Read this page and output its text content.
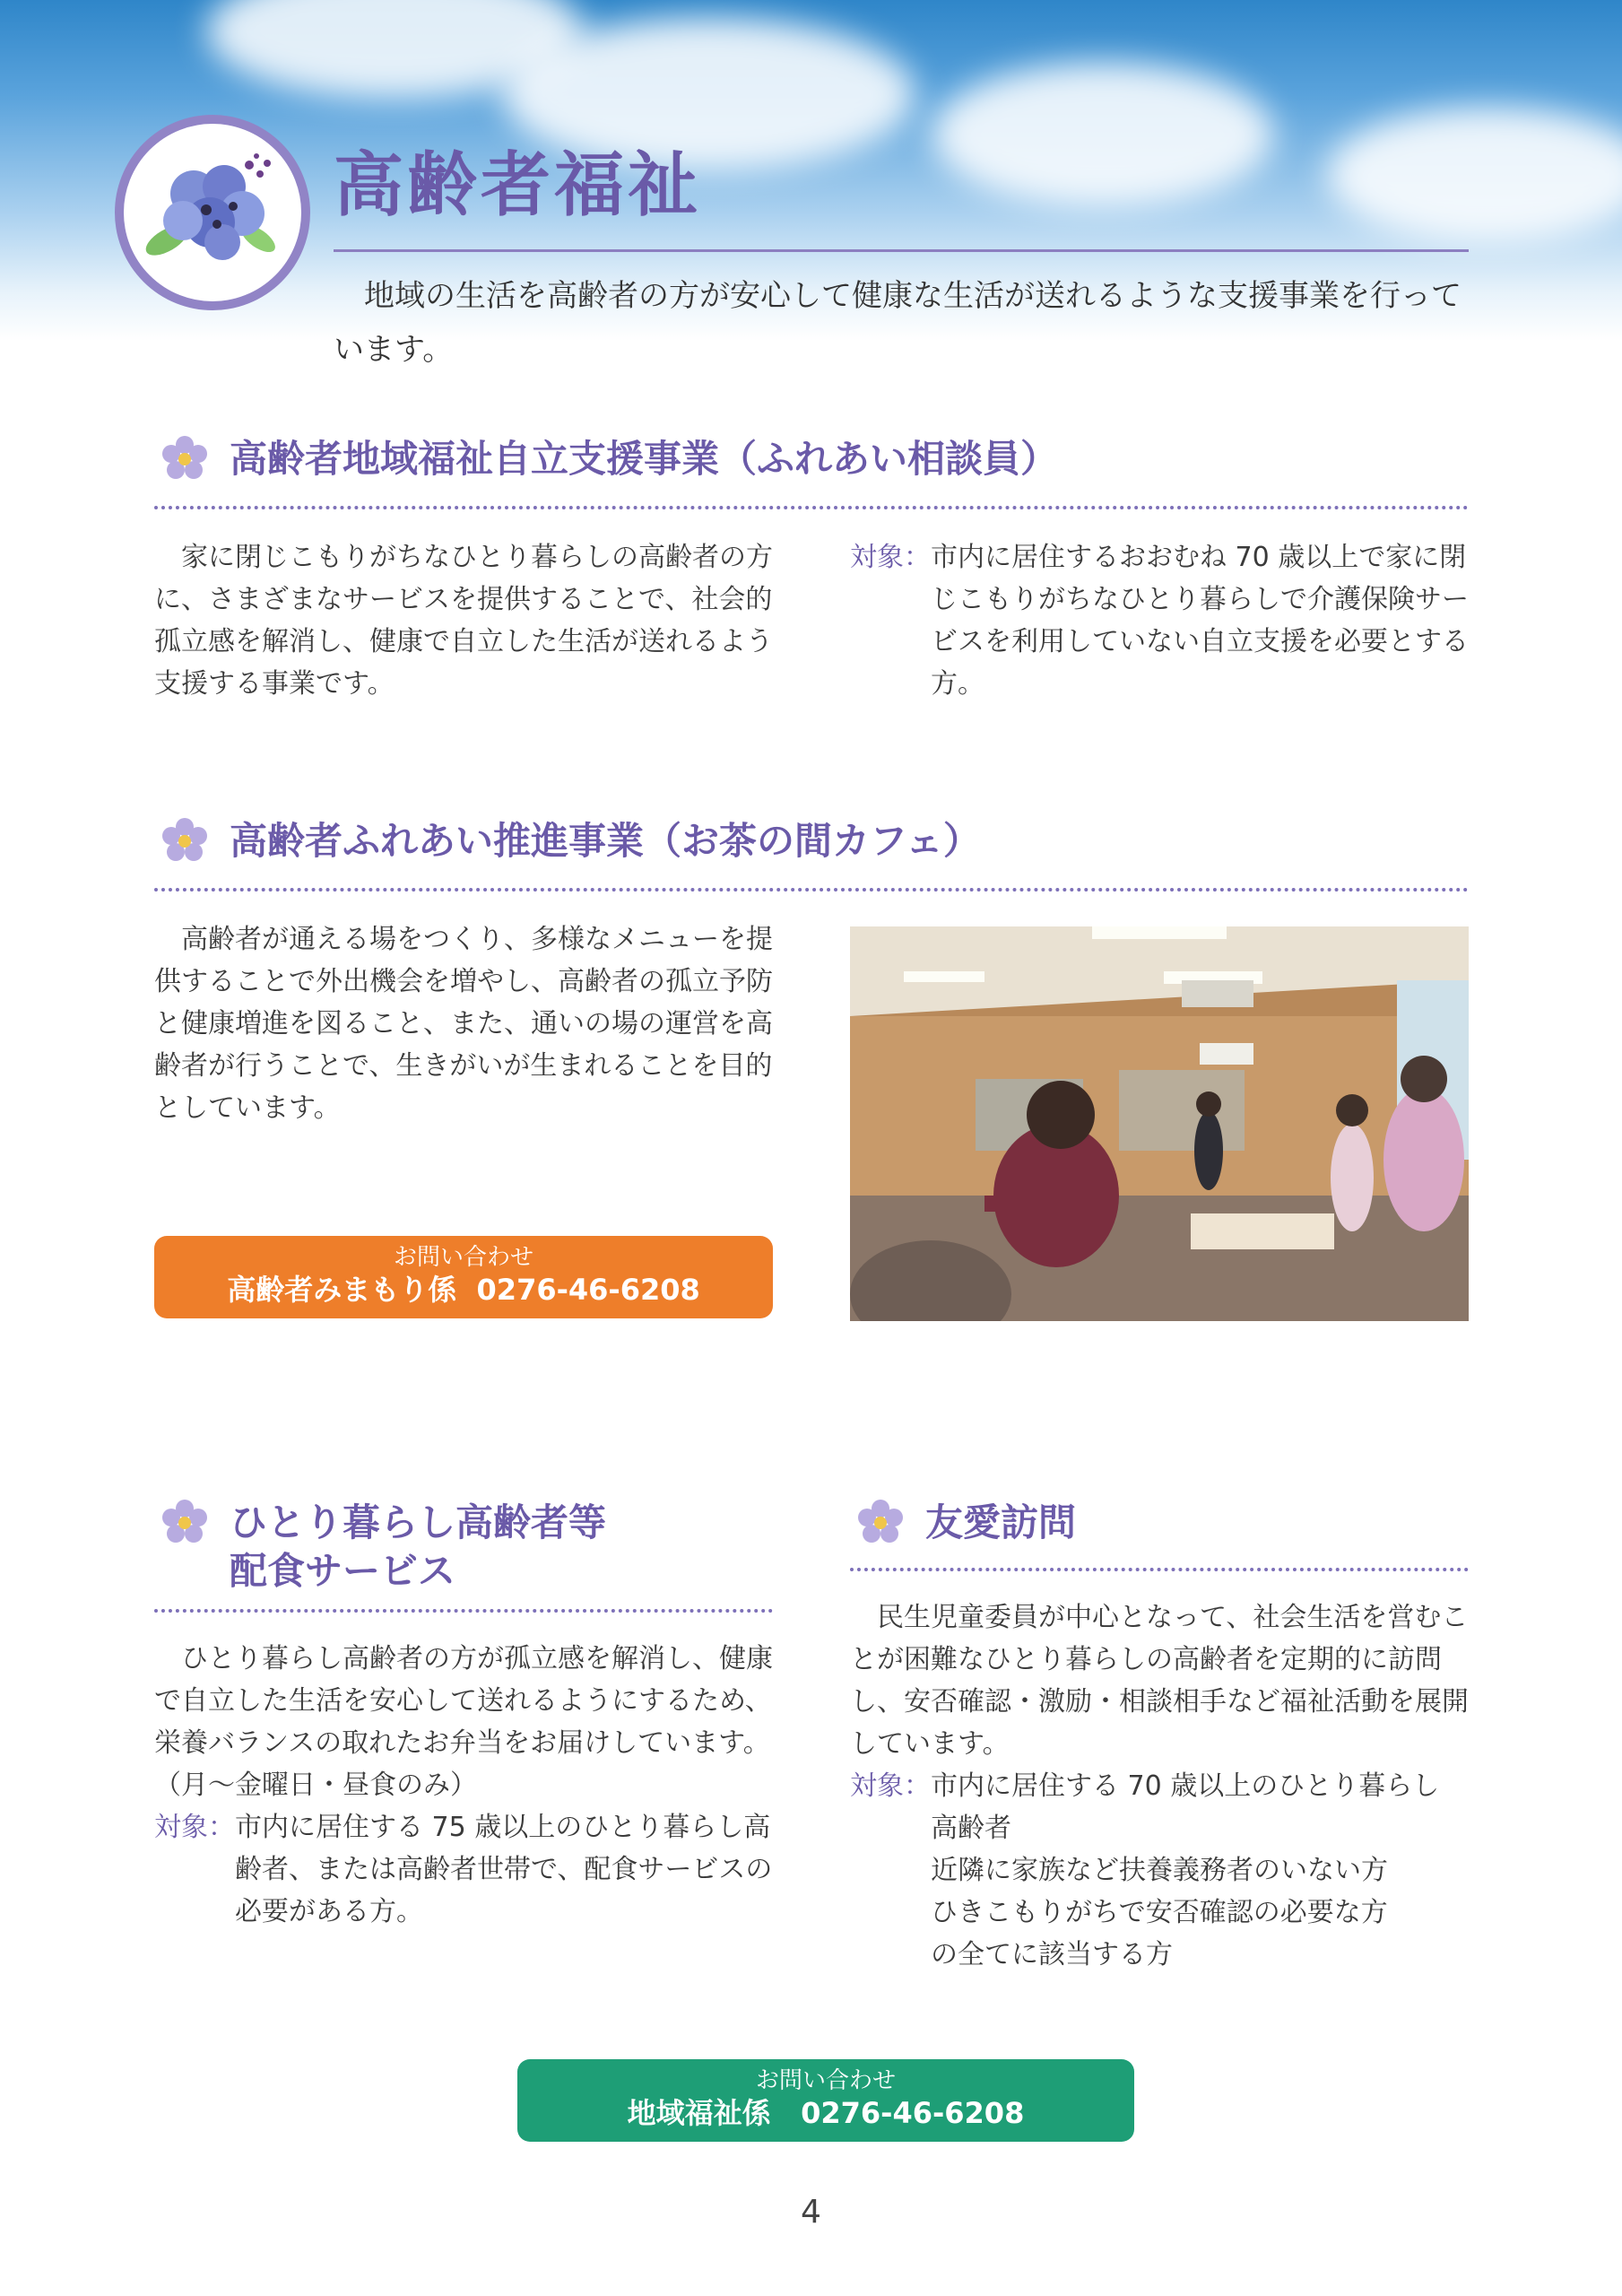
高齢者福祉

地域の生活を高齢者の方が安心して健康な生活が送れるような支援事業を行っています。

高齢者地域福祉自立支援事業（ふれあい相談員）

家に閉じこもりがちなひとり暮らしの高齢者の方に、さまざまなサービスを提供することで、社会的孤立感を解消し、健康で自立した生活が送れるよう支援する事業です。

対象： 市内に居住するおおむね 70 歳以上で家に閉じこもりがちなひとり暮らしで介護保険サービスを利用していない自立支援を必要とする方。

高齢者ふれあい推進事業（お茶の間カフェ）

高齢者が通える場をつくり、多様なメニューを提供することで外出機会を増やし、高齢者の孤立予防と健康増進を図ること、また、通いの場の運営を高齢者が行うことで、生きがいが生まれることを目的としています。

お問い合わせ
高齢者みまもり係 0276-46-6208
ひとり暮らし高齢者等
配食サービス

ひとり暮らし高齢者の方が孤立感を解消し、健康で自立した生活を安心して送れるようにするため、栄養バランスの取れたお弁当をお届けしています。（月～金曜日・昼食のみ）

対象： 市内に居住する 75 歳以上のひとり暮らし高齢者、または高齢者世帯で、配食サービスの必要がある方。

友愛訪問

民生児童委員が中心となって、社会生活を営むことが困難なひとり暮らしの高齢者を定期的に訪問し、安否確認・激励・相談相手など福祉活動を展開しています。

対象： 市内に居住する 70 歳以上のひとり暮らし
高齢者
近隣に家族など扶養義務者のいない方
ひきこもりがちで安否確認の必要な方
の全てに該当する方
お問い合わせ
地域福祉係 0276-46-6208
4
